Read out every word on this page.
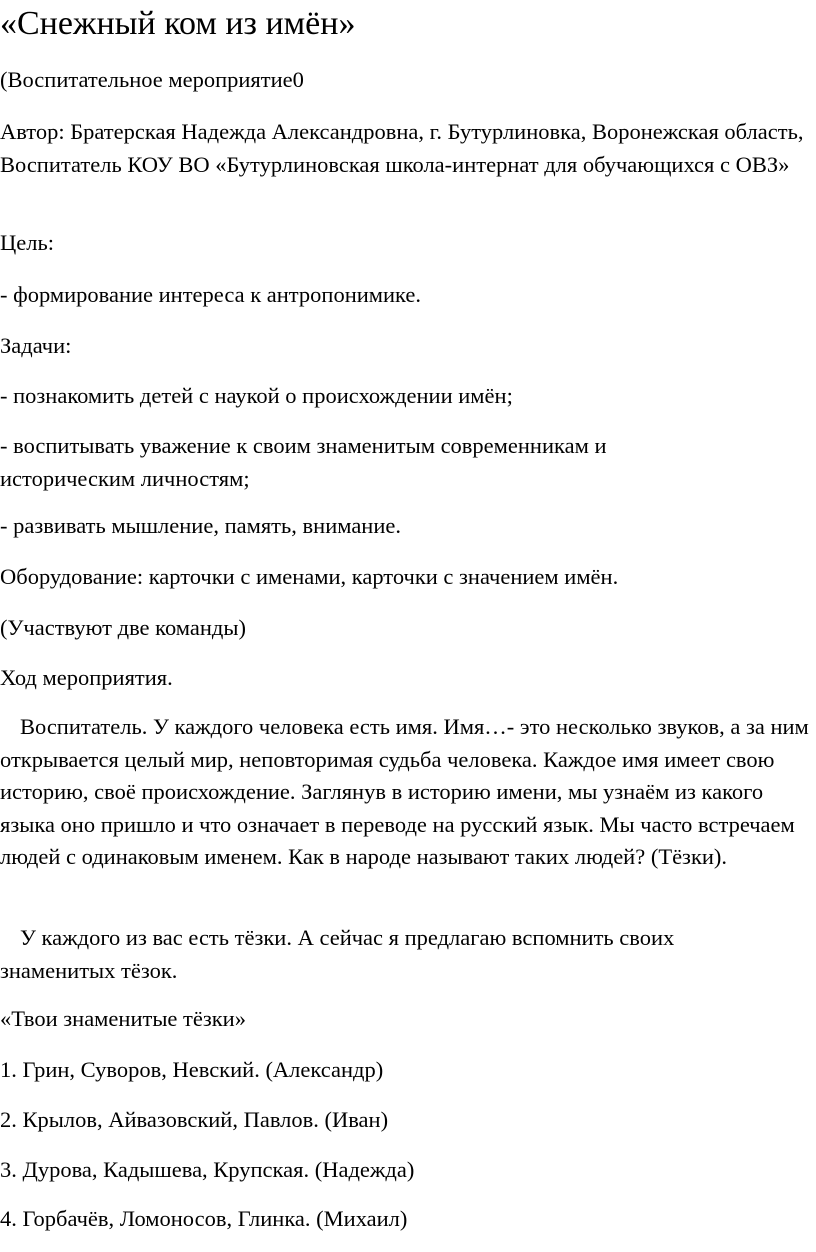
«Снежный ком из имён»

(Воспитательное мероприятие0

Автор: Братерская Надежда Александровна, г. Бутурлиновка, Воронежская область, Воспитатель КОУ ВО «Бутурлиновская школа-интернат для обучающихся с ОВЗ»

Цель:

- формирование интереса к антропонимике.

Задачи:

- познакомить детей с наукой о происхождении имён;

- воспитывать уважение к своим знаменитым современникам и историческим личностям;

- развивать мышление, память, внимание.

Оборудование: карточки с именами, карточки с значением имён.

(Участвуют две команды)

Ход мероприятия.

Воспитатель. У каждого человека есть имя. Имя…- это несколько звуков, а за ним открывается целый мир, неповторимая судьба человека. Каждое имя имеет свою историю, своё происхождение. Заглянув в историю имени, мы узнаём из какого языка оно пришло и что означает в переводе на русский язык. Мы часто встречаем людей с одинаковым именем. Как в народе называют таких людей? (Тёзки).

У каждого из вас есть тёзки. А сейчас я предлагаю вспомнить своих знаменитых тёзок.

«Твои знаменитые тёзки»

1. Грин, Суворов, Невский. (Александр)

2. Крылов, Айвазовский, Павлов. (Иван)

3. Дурова, Кадышева, Крупская. (Надежда)

4. Горбачёв, Ломоносов, Глинка. (Михаил)
